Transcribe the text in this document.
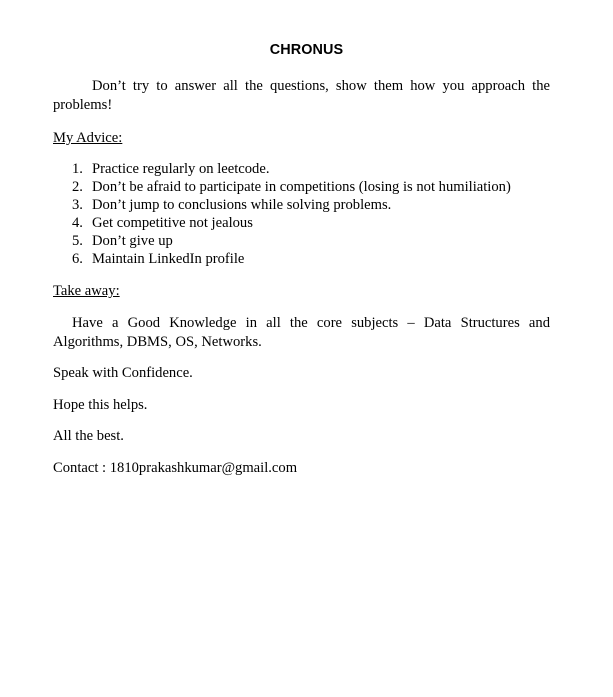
CHRONUS

Don’t try to answer all the questions, show them how you approach the problems!

My Advice:
1. Practice regularly on leetcode.
2. Don’t be afraid to participate in competitions (losing is not humiliation)
3. Don’t jump to conclusions while solving problems.
4. Get competitive not jealous
5. Don’t give up
6. Maintain LinkedIn profile
Take away:

Have a Good Knowledge in all the core subjects – Data Structures and Algorithms, DBMS, OS, Networks.

Speak with Confidence.
Hope this helps.
All the best.
Contact : 1810prakashkumar@gmail.com
